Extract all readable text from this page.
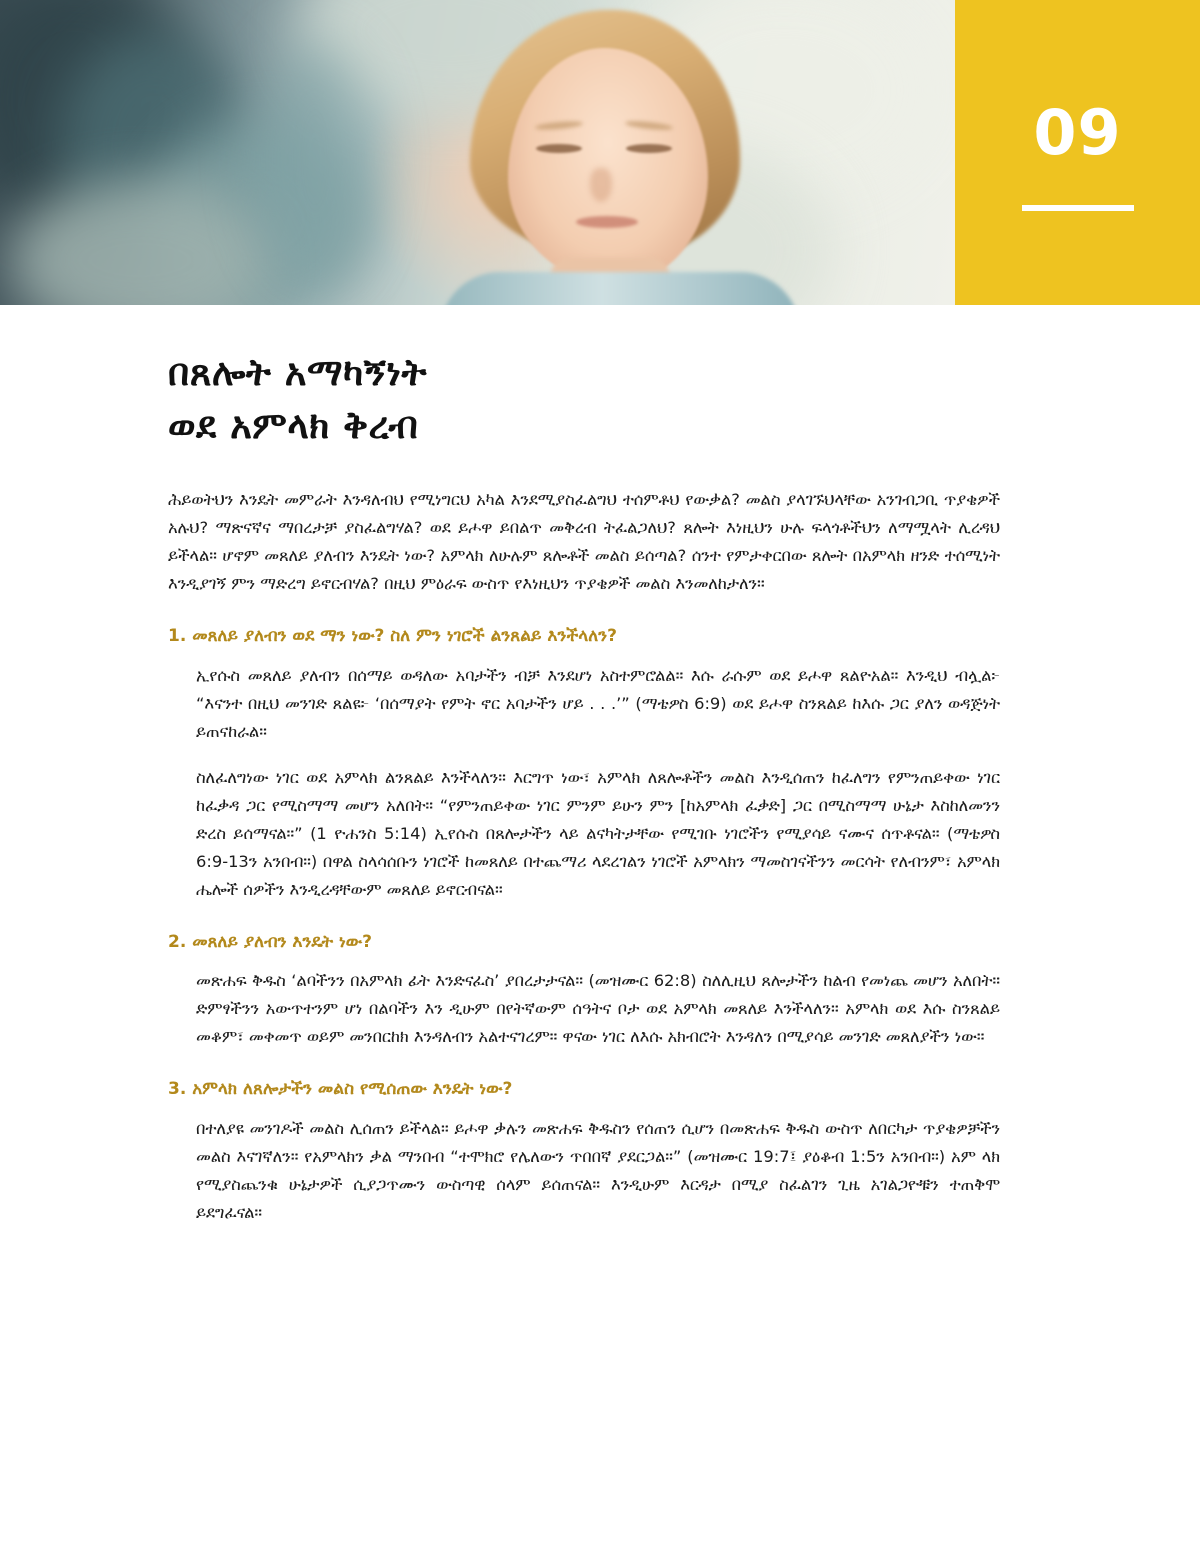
09
በጸሎት አማካኝነት
ወደ አምላክ ቅረብ

ሕይወትህን እንዴት መምራት እንዳለብህ የሚነግርህ አካል እንደሚያስፈልግህ ተሰምቶህ የውቃል? መልስ ያላገኙህላቸው አንገብጋቢ ጥያቄዎች አሉህ? ማጽናኛና ማበረታቻ ያስፈልግሃል? ወደ ይሖዋ ይበልጥ መቅረብ ትፈልጋለህ? ጸሎት እነዚህን ሁሉ ፍላጎቶችህን ለማሟላት ሊረዳህ ይችላል። ሆኖም መጸለይ ያለብን እንዴት ነው? አምላክ ለሁሉም ጸሎቶች መልስ ይሰጣል? ሰንተ የምታቀርበው ጸሎት በአምላክ ዘንድ ተሰሚነት እንዲያገኝ ምን ማድረግ ይኖርብሃል? በዚህ ምዕራፍ ውስጥ የእነዚህን ጥያቄዎች መልስ እንመለከታለን።

1. መጸለይ ያለብን ወደ ማን ነው? ስለ ምን ነገሮች ልንጸልይ እንችላለን?

ኢየሱስ መጸለይ ያለብን በሰማይ ወዳለው አባታችን ብቻ እንደሆነ አስተምሮልል። እሱ ራሱም ወደ ይሖዋ ጸልዮአል። እንዲህ ብሏል፦ “እናንተ በዚህ መንገድ ጸልዩ፦ ‘በሰማያት የምት ኖር አባታችን ሆይ . . .’” (ማቴዎስ 6:9) ወደ ይሖዋ ስንጸልይ ከእሱ ጋር ያለን ወዳጅነት ይጠናከራል።

ስለፈለግነው ነገር ወደ አምላክ ልንጸልይ እንችላለን። እርግጥ ነው፣ አምላክ ለጸሎቶችን መልስ እንዲሰጠን ከፈለግን የምንጠይቀው ነገር ከፈቃዳ ጋር የሚስማማ መሆን አለበት። “የምንጠይቀው ነገር ምንም ይሁን ምን [ከአምላክ ፈቃድ] ጋር በሚስማማ ሁኔታ እስከለመንን ድረስ ይሰማናል።” (1 ዮሐንስ 5:14) ኢየሱስ በጸሎታችን ላይ ልናካትታቸው የሚገቡ ነገሮችን የሚያሳይ ናሙና ሰጥቶናል። (ማቴዎስ 6:9-13ን አንበብ።) በዋል ስላሳሰቡን ነገሮች ከመጸለይ በተጨማሪ ላደረገልን ነገሮች አምላክን ማመስገናችንን መርሳት የለብንም፣ አምላክ ሔሎች ሰዎችን እንዲረዳቸውም መጸለይ ይኖርብናል።

2. መጸለይ ያለብን እንዴት ነው?

መጽሐፍ ቅዱስ ‘ልባችንን በአምላክ ፊት እንድናፈስ’ ያበረታታናል። (መዝሙር 62:8) ስለሊዚህ ጸሎታችን ከልብ የመነጨ መሆን አለበት። ድምፃችንን አውጥተንም ሆነ በልባችን እን ዲሁም በየትኛውም ሰዓትና ቦታ ወደ አምላክ መጸለይ እንችላለን። አምላክ ወደ እሱ ስንጸልይ መቆም፣ መቀመጥ ወይም መንበርከክ እንዳለብን አልተናገረም። ዋናው ነገር ለእሱ አክብሮት እንዳለን በሚያሳይ መንገድ መጸለያችን ነው።

3. አምላክ ለጸሎታችን መልስ የሚሰጠው እንዴት ነው?

በተለያዩ መንገዶች መልስ ሊሰጠን ይችላል። ይሖዋ ቃሉን መጽሐፍ ቅዱስን የሰጠን ሲሆን በመጽሐፍ ቅዱስ ውስጥ ለበርካታ ጥያቄዎቻችን መልስ እናገኛለን። የአምላክን ቃል ማንበብ “ተሞክሮ የሌለውን ጥበበኛ ያደርጋል።” (መዝሙር 19:7፤ ያዕቆብ 1:5ን አንበብ።) አም ላክ የሚያስጨንቁ ሁኔታዎች ሲያጋጥሙን ውስጣዊ ሰላም ይሰጠናል። እንዲሁም እርዳታ በሚያ ስፈልገን ጊዜ አገልጋዮቹን ተጠቅሞ ይደግፈናል።
